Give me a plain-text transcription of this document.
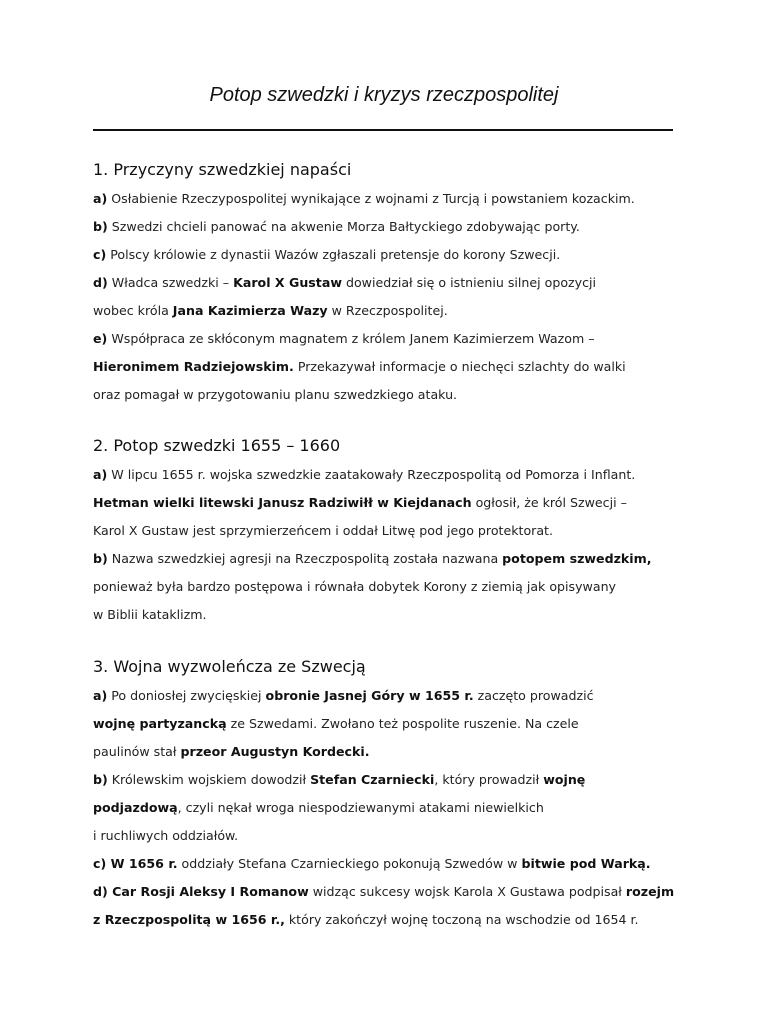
Potop szwedzki i kryzys rzeczpospolitej
1. Przyczyny szwedzkiej napaści
a) Osłabienie Rzeczypospolitej wynikające z wojnami z Turcją i powstaniem kozackim.
b) Szwedzi chcieli panować na akwenie Morza Bałtyckiego zdobywając porty.
c) Polscy królowie z dynastii Wazów zgłaszali pretensje do korony Szwecji.
d) Władca szwedzki – Karol X Gustaw dowiedział się o istnieniu silnej opozycji
wobec króla Jana Kazimierza Wazy w Rzeczpospolitej.
e) Współpraca ze skłóconym magnatem z królem Janem Kazimierzem Wazom –
Hieronimem Radziejowskim. Przekazywał informacje o niechęci szlachty do walki
oraz pomagał w przygotowaniu planu szwedzkiego ataku.
2. Potop szwedzki 1655 – 1660
a) W lipcu 1655 r. wojska szwedzkie zaatakowały Rzeczpospolitą od Pomorza i Inflant.
Hetman wielki litewski Janusz Radziwiłł w Kiejdanach ogłosił, że król Szwecji –
Karol X Gustaw jest sprzymierzeńcem i oddał Litwę pod jego protektorat.
b) Nazwa szwedzkiej agresji na Rzeczpospolitą została nazwana potopem szwedzkim,
ponieważ była bardzo postępowa i równała dobytek Korony z ziemią jak opisywany
w Biblii kataklizm.
3. Wojna wyzwoleńcza ze Szwecją
a) Po doniosłej zwycięskiej obronie Jasnej Góry w 1655 r. zaczęto prowadzić
wojnę partyzancką ze Szwedami. Zwołano też pospolite ruszenie. Na czele
paulinów stał przeor Augustyn Kordecki.
b) Królewskim wojskiem dowodził Stefan Czarniecki, który prowadził wojnę
podjazdową, czyli nękał wroga niespodziewanymi atakami niewielkich
i ruchliwych oddziałów.
c) W 1656 r. oddziały Stefana Czarnieckiego pokonują Szwedów w bitwie pod Warką.
d) Car Rosji Aleksy I Romanow widząc sukcesy wojsk Karola X Gustawa podpisał rozejm
z Rzeczpospolitą w 1656 r., który zakończył wojnę toczoną na wschodzie od 1654 r.
